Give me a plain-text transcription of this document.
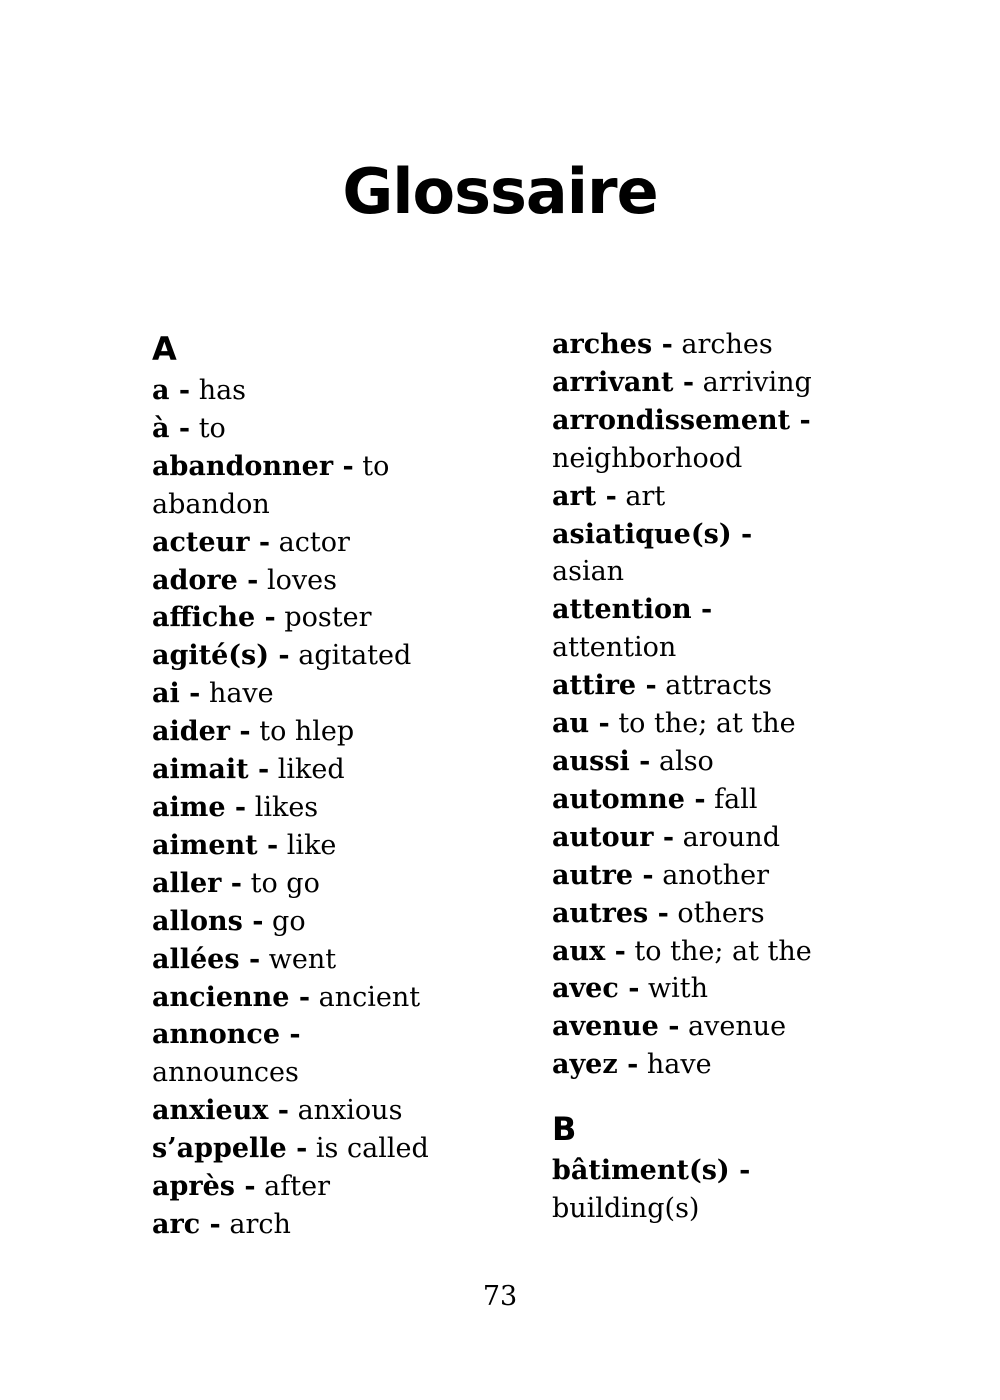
Glossaire
A
a - has
à - to
abandonner - to
abandon
acteur - actor
adore - loves
affiche - poster
agité(s) - agitated
ai - have
aider - to hlep
aimait - liked
aime - likes
aiment - like
aller - to go
allons - go
allées - went
ancienne - ancient
annonce -
announces
anxieux - anxious
s’appelle - is called
après - after
arc - arch
arches - arches
arrivant - arriving
arrondissement -
neighborhood
art - art
asiatique(s) -
asian
attention -
attention
attire - attracts
au - to the; at the
aussi - also
automne - fall
autour - around
autre - another
autres - others
aux - to the; at the
avec - with
avenue - avenue
ayez - have
B
bâtiment(s) -
building(s)
73
